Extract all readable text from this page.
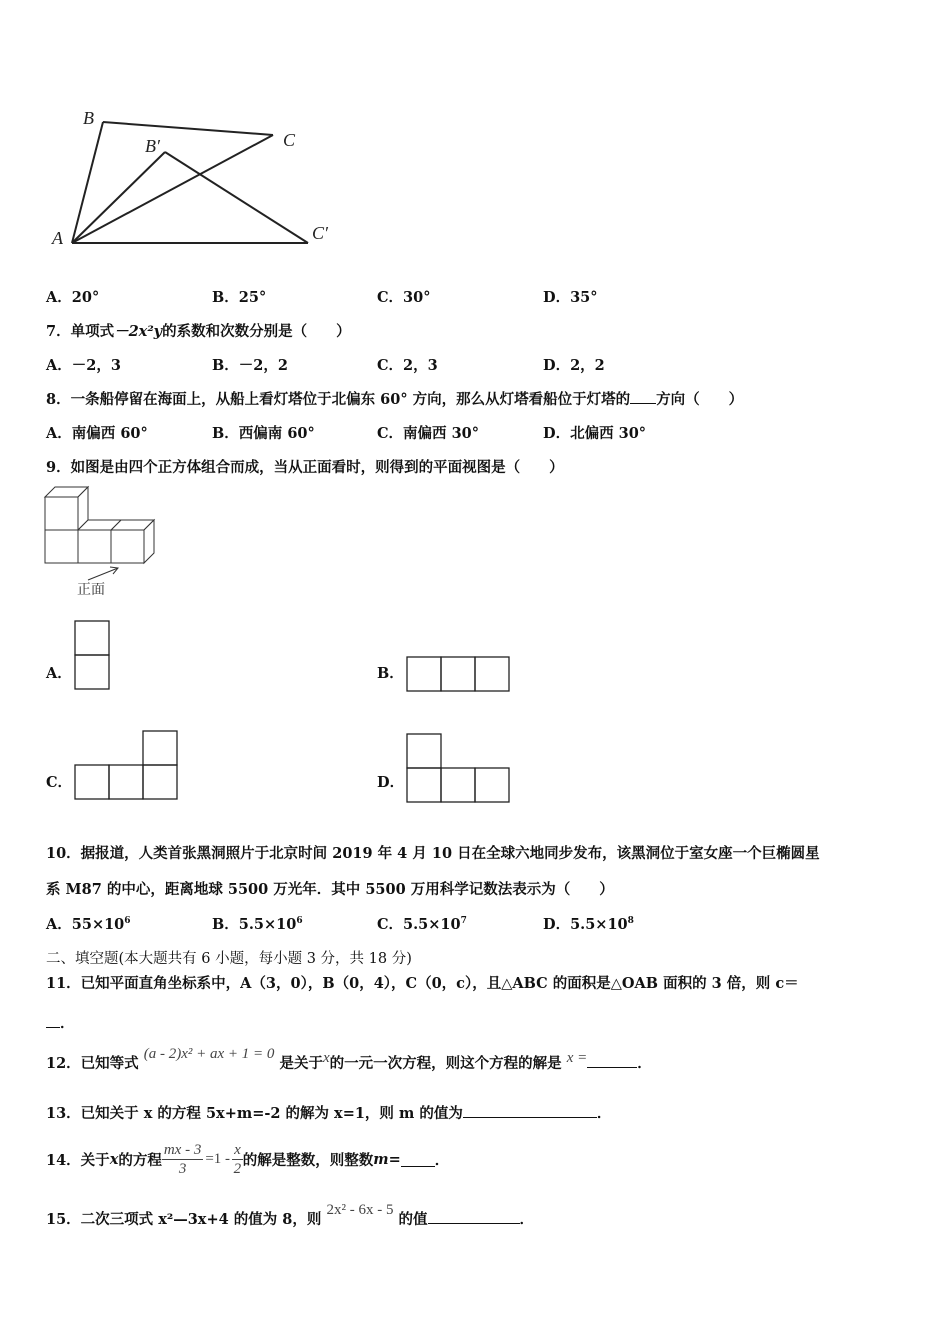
B
B′	C
A	C′
A．20°	B．25°	C．30°	D．35°
7．单项式－2x²y的系数和次数分别是（　　）
A．－2，3	B．－2，2	C．2，3	D．2，2
8．一条船停留在海面上，从船上看灯塔位于北偏东 60° 方向，那么从灯塔看船位于灯塔的 方向（　　）
A．南偏西 60°	B．西偏南 60°	C．南偏西 30°	D．北偏西 30°
9．如图是由四个正方体组合而成，当从正面看时，则得到的平面视图是（　　）
正面
A．	B．
C．	D．
10．据报道，人类首张黑洞照片于北京时间 2019 年 4 月 10 日在全球六地同步发布，该黑洞位于室女座一个巨椭圆星
系 M87 的中心，距离地球 5500 万光年．其中 5500 万用科学记数法表示为（　　）
A．$55\times 10^6$	B．$5.5\times 10^6$	C．$5.5\times 10^7$	D．$5.5\times 10^8$
二、填空题(本大题共有 6 小题，每小题 3 分，共 18 分)
11．已知平面直角坐标系中，A（3，0），B（0，4），C（0，c），且△ABC 的面积是△OAB 面积的 3 倍，则 c＝
．
12．已知等式 (a - 2)x² + ax + 1 = 0 是关于x的一元一次方程，则这个方程的解是 x =	．
13．已知关于 x 的方程 5x+m=-2 的解为 x=1，则 m 的值为	．
14．关于 x 的方程 $\frac{mx - 3}{3} =1 - \frac{x}{2}$ 的解是整数，则整数 m = ．
15．二次三项式 x²—3x+4 的值为 8，则 2x² - 6x - 5 的值	．
